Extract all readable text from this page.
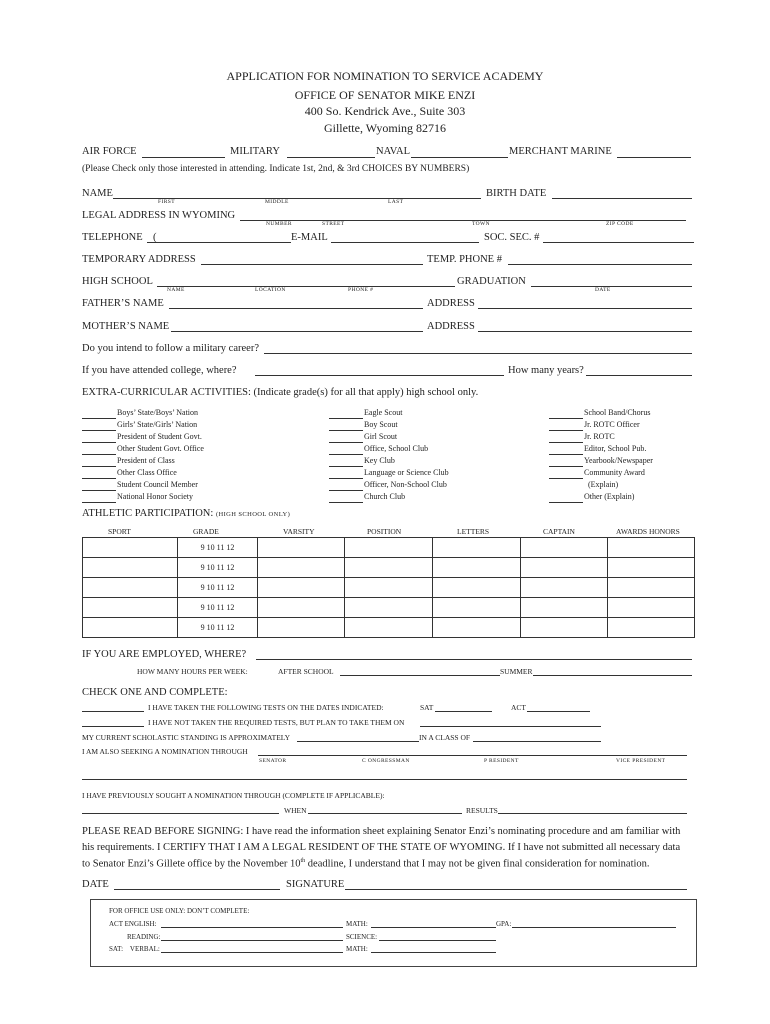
APPLICATION FOR NOMINATION TO SERVICE ACADEMY
OFFICE OF SENATOR MIKE ENZI
400 So. Kendrick Ave., Suite 303
Gillette, Wyoming 82716
AIR FORCE	MILITARY	NAVAL	MERCHANT MARINE
(Please Check only those interested in attending. Indicate 1st, 2nd, & 3rd CHOICES BY NUMBERS)
NAME
FIRST	MIDDLE	LAST
BIRTH DATE
LEGAL ADDRESS IN WYOMING
NUMBER	STREET	TOWN	ZIP CODE
TELEPHONE (	E-MAIL	SOC. SEC. #
TEMPORARY ADDRESS	TEMP. PHONE #
HIGH SCHOOL
NAME	LOCATION	PHONE #
GRADUATION
DATE
FATHER’S NAME	ADDRESS
MOTHER’S NAME	ADDRESS
Do you intend to follow a military career?
If you have attended college, where?	How many years?
EXTRA-CURRICULAR ACTIVITIES: (Indicate grade(s) for all that apply) high school only.
Boys’ State/Boys’ Nation
Girls’ State/Girls’ Nation
President of Student Govt.
Other Student Govt. Office
President of Class
Other Class Office
Student Council Member
National Honor Society
Eagle Scout
Boy Scout
Girl Scout
Office, School Club
Key Club
Language or Science Club
Officer, Non-School Club
Church Club
School Band/Chorus
Jr. ROTC Officer
Jr. ROTC
Editor, School Pub.
Yearbook/Newspaper
Community Award
(Explain)
Other (Explain)
ATHLETIC PARTICIPATION: (HIGH SCHOOL ONLY)
SPORT	GRADE	VARSITY	POSITION	LETTERS	CAPTAIN	AWARDS HONORS
	9 10 11 12					
	9 10 11 12					
	9 10 11 12					
	9 10 11 12					
	9 10 11 12					
IF YOU ARE EMPLOYED, WHERE?
HOW MANY HOURS PER WEEK:	AFTER SCHOOL	SUMMER
CHECK ONE AND COMPLETE:
I HAVE TAKEN THE FOLLOWING TESTS ON THE DATES INDICATED:	SAT	ACT
I HAVE NOT TAKEN THE REQUIRED TESTS, BUT PLAN TO TAKE THEM ON
MY CURRENT SCHOLASTIC STANDING IS APPROXIMATELY	IN A CLASS OF
I AM ALSO SEEKING A NOMINATION THROUGH
SENATOR	C ONGRESSMAN	P RESIDENT	VICE PRESIDENT
I HAVE PREVIOUSLY SOUGHT A NOMINATION THROUGH (COMPLETE IF APPLICABLE):
WHEN	RESULTS
PLEASE READ BEFORE SIGNING: I have read the information sheet explaining Senator Enzi’s nominating procedure and am familiar with
his requirements. I CERTIFY THAT I AM A LEGAL RESIDENT OF THE STATE OF WYOMING. If I have not submitted all necessary data
to Senator Enzi’s Gillete office by the November 10th deadline, I understand that I may not be given final consideration for nomination.
DATE	SIGNATURE
FOR OFFICE USE ONLY: DON’T COMPLETE:
ACT ENGLISH:	MATH:	GPA:
READING:	SCIENCE:
SAT:    VERBAL:	MATH:
